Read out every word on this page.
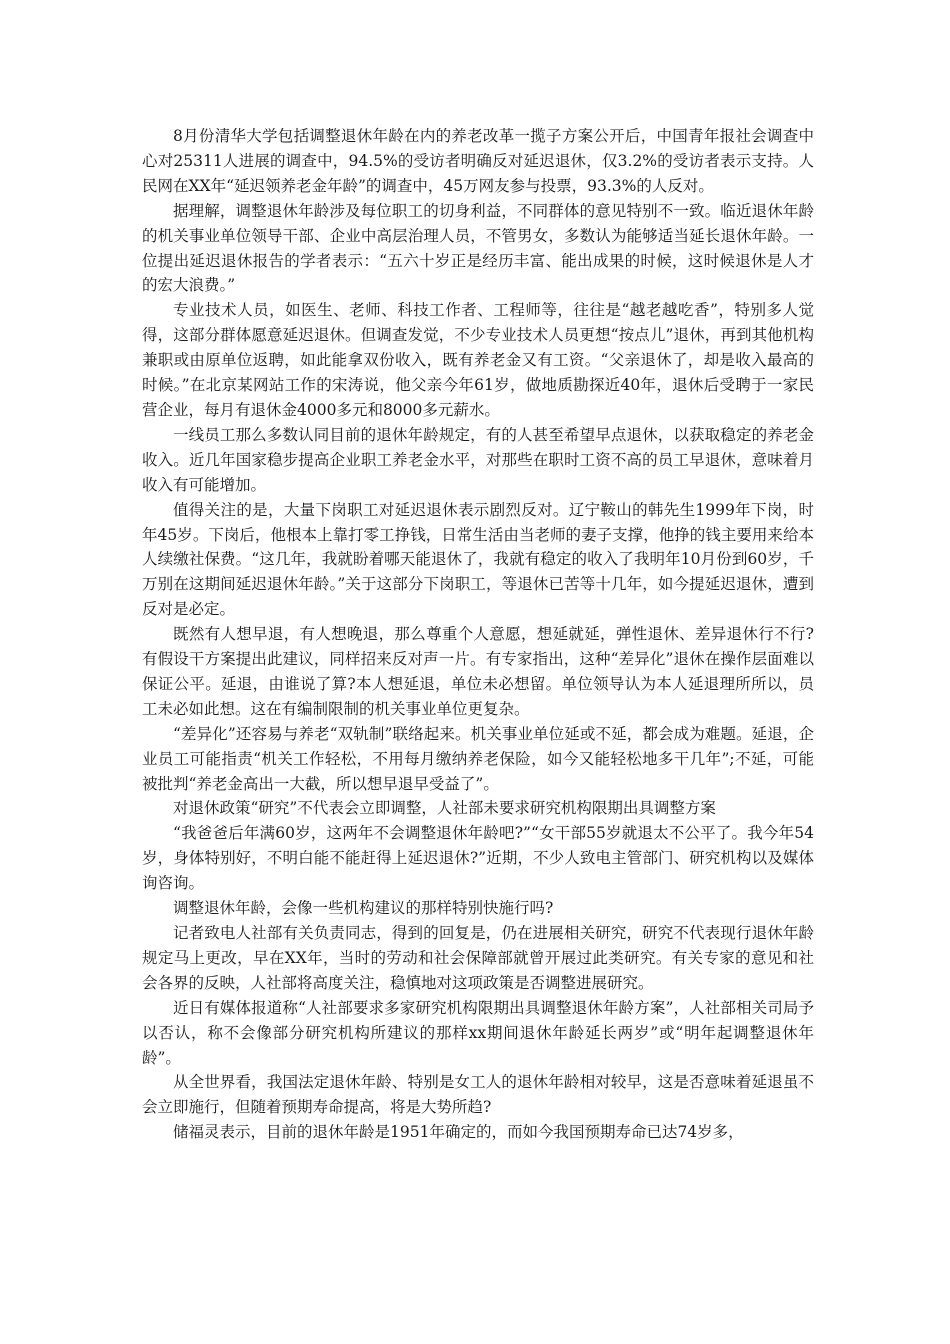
8月份清华大学包括调整退休年龄在内的养老改革一揽子方案公开后，中国青年报社会调查中心对25311人进展的调查中，94.5%的受访者明确反对延迟退休，仅3.2%的受访者表示支持。人民网在XX年“延迟领养老金年龄”的调查中，45万网友参与投票，93.3%的人反对。

据理解，调整退休年龄涉及每位职工的切身利益，不同群体的意见特别不一致。临近退休年龄的机关事业单位领导干部、企业中高层治理人员，不管男女，多数认为能够适当延长退休年龄。一位提出延迟退休报告的学者表示：“五六十岁正是经历丰富、能出成果的时候，这时候退休是人才的宏大浪费。”

专业技术人员，如医生、老师、科技工作者、工程师等，往往是“越老越吃香”，特别多人觉得，这部分群体愿意延迟退休。但调查发觉，不少专业技术人员更想“按点儿”退休，再到其他机构兼职或由原单位返聘，如此能拿双份收入，既有养老金又有工资。“父亲退休了，却是收入最高的时候。”在北京某网站工作的宋涛说，他父亲今年61岁，做地质勘探近40年，退休后受聘于一家民营企业，每月有退休金4000多元和8000多元薪水。

一线员工那么多数认同目前的退休年龄规定，有的人甚至希望早点退休，以获取稳定的养老金收入。近几年国家稳步提高企业职工养老金水平，对那些在职时工资不高的员工早退休，意味着月收入有可能增加。

值得关注的是，大量下岗职工对延迟退休表示剧烈反对。辽宁鞍山的韩先生1999年下岗，时年45岁。下岗后，他根本上靠打零工挣钱，日常生活由当老师的妻子支撑，他挣的钱主要用来给本人续缴社保费。“这几年，我就盼着哪天能退休了，我就有稳定的收入了我明年10月份到60岁，千万别在这期间延迟退休年龄。”关于这部分下岗职工，等退休已苦等十几年，如今提延迟退休，遭到反对是必定。

既然有人想早退，有人想晚退，那么尊重个人意愿，想延就延，弹性退休、差异退休行不行?有假设干方案提出此建议，同样招来反对声一片。有专家指出，这种“差异化”退休在操作层面难以保证公平。延退，由谁说了算?本人想延退，单位未必想留。单位领导认为本人延退理所所以，员工未必如此想。这在有编制限制的机关事业单位更复杂。

“差异化”还容易与养老“双轨制”联络起来。机关事业单位延或不延，都会成为难题。延退，企业员工可能指责“机关工作轻松，不用每月缴纳养老保险，如今又能轻松地多干几年”;不延，可能被批判“养老金高出一大截，所以想早退早受益了”。

对退休政策“研究”不代表会立即调整，人社部未要求研究机构限期出具调整方案

“我爸爸后年满60岁，这两年不会调整退休年龄吧?”“女干部55岁就退太不公平了。我今年54岁，身体特别好，不明白能不能赶得上延迟退休?”近期，不少人致电主管部门、研究机构以及媒体询咨询。

调整退休年龄，会像一些机构建议的那样特别快施行吗?

记者致电人社部有关负责同志，得到的回复是，仍在进展相关研究，研究不代表现行退休年龄规定马上更改，早在XX年，当时的劳动和社会保障部就曾开展过此类研究。有关专家的意见和社会各界的反映，人社部将高度关注，稳慎地对这项政策是否调整进展研究。

近日有媒体报道称“人社部要求多家研究机构限期出具调整退休年龄方案”，人社部相关司局予以否认，称不会像部分研究机构所建议的那样xx期间退休年龄延长两岁”或“明年起调整退休年龄”。

从全世界看，我国法定退休年龄、特别是女工人的退休年龄相对较早，这是否意味着延退虽不会立即施行，但随着预期寿命提高，将是大势所趋?

储福灵表示，目前的退休年龄是1951年确定的，而如今我国预期寿命已达74岁多，
